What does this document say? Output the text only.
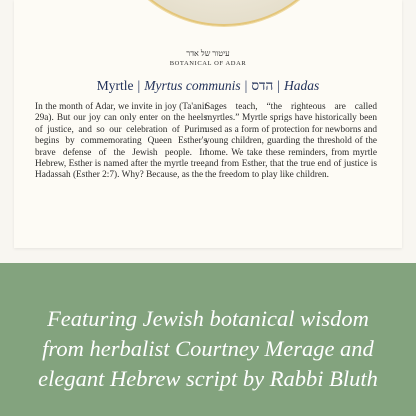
עיטור של אדר
BOTANICAL OF ADAR
Myrtle | Myrtus communis | הדס | Hadas

In the month of Adar, we invite in joy (Ta'anit 29a). But our joy can only enter on the heels of justice, and so our celebration of Purim begins by commemorating Queen Esther's brave defense of the Jewish people. In Hebrew, Esther is named after the myrtle tree, Hadassah (Esther 2:7). Why? Because, as the

Sages teach, “the righteous are called myrtles.” Myrtle sprigs have historically been used as a form of protection for newborns and young children, guarding the threshold of the home. We take these reminders, from myrtle and from Esther, that the true end of justice is the freedom to play like children.

Featuring Jewish botanical wisdom
from herbalist Courtney Merage and
elegant Hebrew script by Rabbi Bluth
